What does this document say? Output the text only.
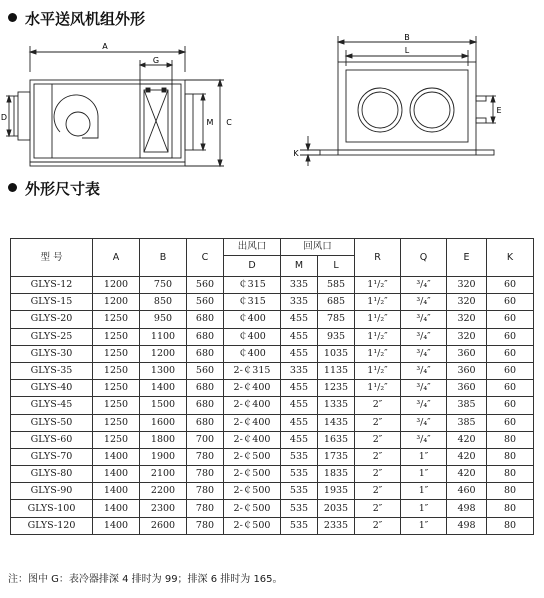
水平送风机组外形
A
G
D
M C
B
L
E
K
外形尺寸表
型 号	A	B	C	出风口	回风口		R	Q	E	K
				D	M	L				
GLYS-12	1200	750	560	￠315	335	585	1¹/₂″	³/₄″	320	60
GLYS-15	1200	850	560	￠315	335	685	1¹/₂″	³/₄″	320	60
GLYS-20	1250	950	680	￠400	455	785	1¹/₂″	³/₄″	320	60
GLYS-25	1250	1100	680	￠400	455	935	1¹/₂″	³/₄″	320	60
GLYS-30	1250	1200	680	￠400	455	1035	1¹/₂″	³/₄″	360	60
GLYS-35	1250	1300	560	2-￠315	335	1135	1¹/₂″	³/₄″	360	60
GLYS-40	1250	1400	680	2-￠400	455	1235	1¹/₂″	³/₄″	360	60
GLYS-45	1250	1500	680	2-￠400	455	1335	2″	³/₄″	385	60
GLYS-50	1250	1600	680	2-￠400	455	1435	2″	³/₄″	385	60
GLYS-60	1250	1800	700	2-￠400	455	1635	2″	³/₄″	420	80
GLYS-70	1400	1900	780	2-￠500	535	1735	2″	1″	420	80
GLYS-80	1400	2100	780	2-￠500	535	1835	2″	1″	420	80
GLYS-90	1400	2200	780	2-￠500	535	1935	2″	1″	460	80
GLYS-100	1400	2300	780	2-￠500	535	2035	2″	1″	498	80
GLYS-120	1400	2600	780	2-￠500	535	2335	2″	1″	498	80
注：图中 G：表冷器排深 4 排时为 99；排深 6 排时为 165。
